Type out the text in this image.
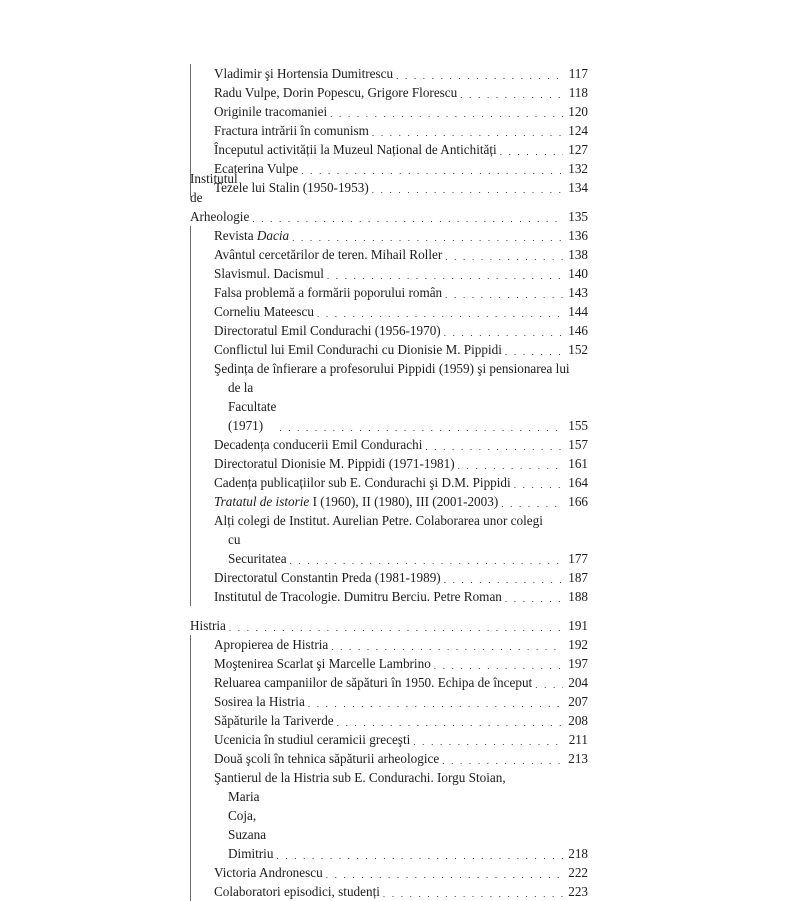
Vladimir şi Hortensia Dumitrescu . . .	117
Radu Vulpe, Dorin Popescu, Grigore Florescu . . .	118
Originile tracomaniei . . .	120
Fractura intrării în comunism . . .	124
Începutul activității la Muzeul Național de Antichități . . .	127
Ecaterina Vulpe . . .	132
Tezele lui Stalin (1950-1953) . . .	134
Institutul de Arheologie . . .	135
Revista Dacia . . .	136
Avântul cercetărilor de teren. Mihail Roller . . .	138
Slavismul. Dacismul . . .	140
Falsa problemă a formării poporului român . . .	143
Corneliu Mateescu . . .	144
Directoratul Emil Condurachi (1956-1970) . . .	146
Conflictul lui Emil Condurachi cu Dionisie M. Pippidi . . .	152
Şedința de înfierare a profesorului Pippidi (1959) şi pensionarea lui
de la Facultate (1971) . . .	155
Decadența conducerii Emil Condurachi . . .	157
Directoratul Dionisie M. Pippidi (1971-1981) . . .	161
Cadența publicațiilor sub E. Condurachi şi D.M. Pippidi . . .	164
Tratatul de istorie I (1960), II (1980), III (2001-2003) . . .	166
Alți colegi de Institut. Aurelian Petre. Colaborarea unor colegi
cu Securitatea . . .	177
Directoratul Constantin Preda (1981-1989) . . .	187
Institutul de Tracologie. Dumitru Berciu. Petre Roman . . .	188
Histria . . .	191
Apropierea de Histria . . .	192
Moştenirea Scarlat şi Marcelle Lambrino . . .	197
Reluarea campaniilor de săpături în 1950. Echipa de început . . .	204
Sosirea la Histria . . .	207
Săpăturile la Tariverde . . .	208
Ucenicia în studiul ceramicii greceşti . . .	211
Două şcoli în tehnica săpăturii arheologice . . .	213
Şantierul de la Histria sub E. Condurachi. Iorgu Stoian,
Maria Coja, Suzana Dimitriu . . .	218
Victoria Andronescu . . .	222
Colaboratori episodici, studenți . . .	223
